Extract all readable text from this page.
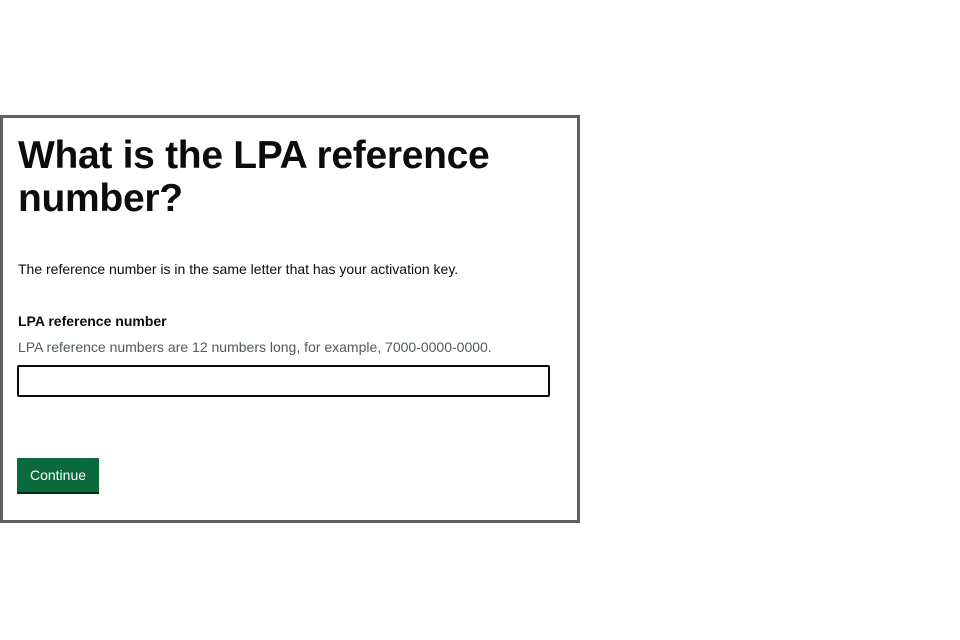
What is the LPA reference number?

The reference number is in the same letter that has your activation key.

LPA reference number

LPA reference numbers are 12 numbers long, for example, 7000-0000-0000.

Continue
